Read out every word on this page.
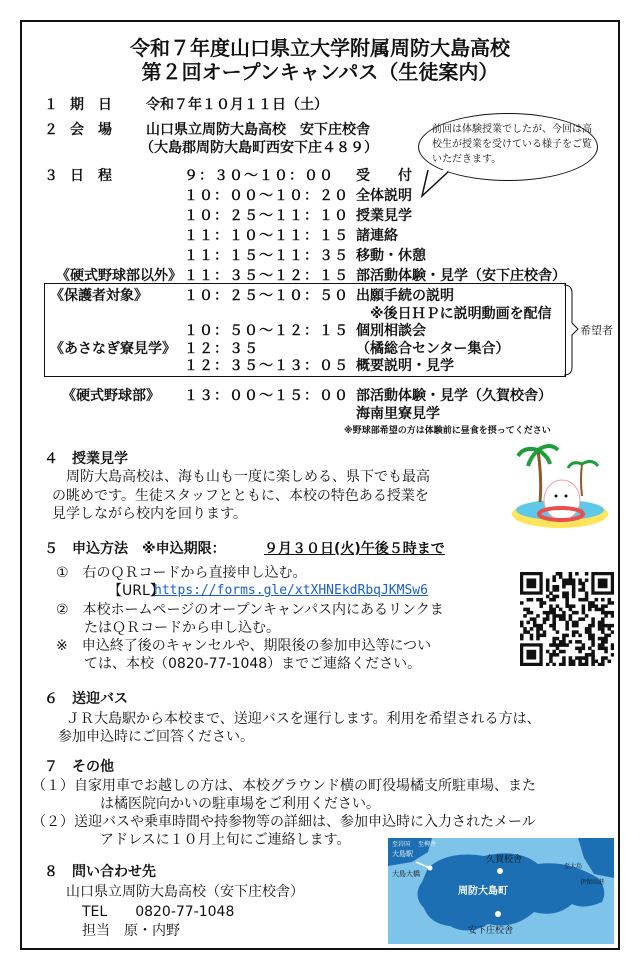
令和７年度山口県立大学附属周防大島高校
第２回オープンキャンパス（生徒案内）
１ 期　日 令和７年１０月１１日（土）
２ 会　場 山口県立周防大島高校　安下庄校舎
（大島郡周防大島町西安下庄４８９）
前回は体験授業でしたが、今回は高校生が授業を受けている様子をご覧いただきます。
３ 日　程	９：３０～１０：００ 受　　付
１０：００～１０：２０ 全体説明
１０：２５～１１：１０ 授業見学
１１：１０～１１：１５ 諸連絡
１１：１５～１１：３５ 移動・休憩
《硬式野球部以外》 １１：３５～１２：１５ 部活動体験・見学（安下庄校舎）
《保護者対象》	１０：２５～１０：５０ 出願手続の説明
※後日ＨＰに説明動画を配信
１０：５０～１２：１５ 個別相談会
《あさなぎ寮見学》 １２：３５	（橘総合センター集合）
１２：３５～１３：０５ 概要説明・見学
希望者
《硬式野球部》 １３：００～１５：００ 部活動体験・見学（久賀校舎）
海南里寮見学
※野球部希望の方は体験前に昼食を摂ってください
４　授業見学
　周防大島高校は、海も山も一度に楽しめる、県下でも最高
の眺めです。生徒スタッフとともに、本校の特色ある授業を
見学しながら校内を回ります。
５　申込方法　※申込期限：	９月３０日(火)午後５時まで
①　右のＱＲコードから直接申し込む。
【URL】
https://forms.gle/xtXHNEkdRbqJKMSw6
②　本校ホームページのオープンキャンパス内にあるリンクま
たはＱＲコードから申し込む。
※　申込終了後のキャンセルや、期限後の参加申込等につい
ては、本校（0820-77-1048）までご連絡ください。
６　送迎バス
　ＪＲ大島駅から本校まで、送迎バスを運行します。利用を希望される方は、
参加申込時にご回答ください。
７　その他
（１）自家用車でお越しの方は、本校グラウンド横の町役場橘支所駐車場、また
は橘医院向かいの駐車場をご利用ください。
（２）送迎バスや乗車時間や持参物等の詳細は、参加申込時に入力されたメール
アドレスに１０月上旬にご連絡します。
８　問い合わせ先
山口県立周防大島高校（安下庄校舎）
TEL　　0820-77-1048
担当　原・内野
周防大島町
久賀校舎
安下庄校舎
大島大橋
大島駅
至岩国 至柳井
至大島
伊保田港
